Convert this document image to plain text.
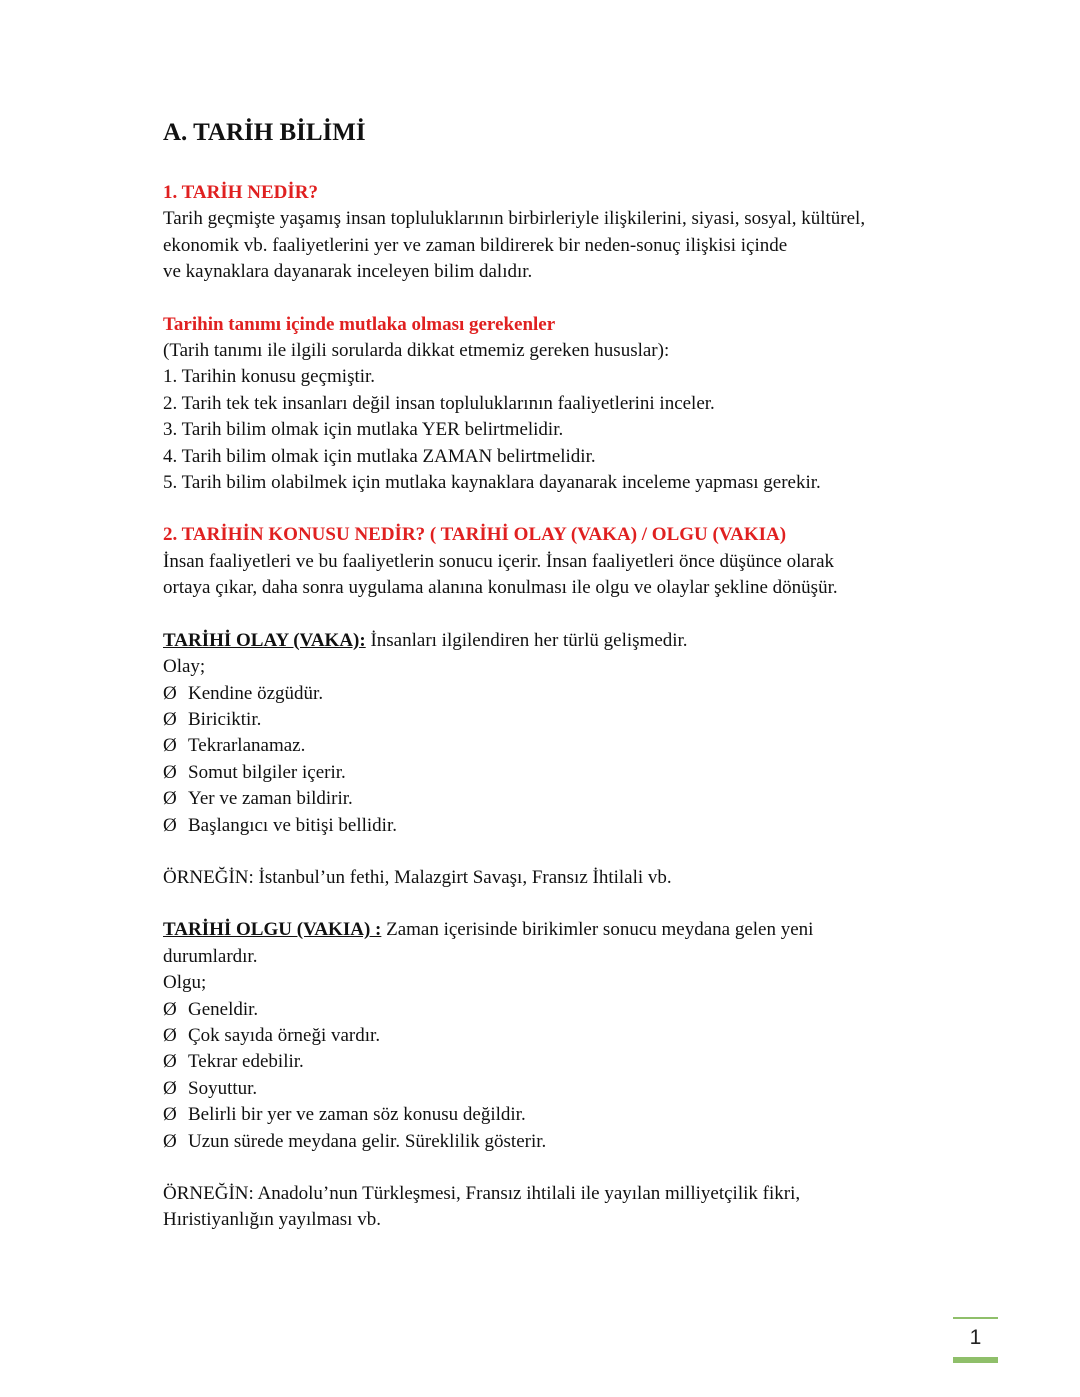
A. TARİH BİLİMİ
1. TARİH NEDİR?
Tarih geçmişte yaşamış insan topluluklarının birbirleriyle ilişkilerini, siyasi, sosyal, kültürel,
ekonomik vb. faaliyetlerini yer ve zaman bildirerek bir neden-sonuç ilişkisi içinde
ve kaynaklara dayanarak inceleyen bilim dalıdır.
Tarihin tanımı içinde mutlaka olması gerekenler
(Tarih tanımı ile ilgili sorularda dikkat etmemiz gereken hususlar):
1. Tarihin konusu geçmiştir.
2. Tarih tek tek insanları değil insan topluluklarının faaliyetlerini inceler.
3. Tarih bilim olmak için mutlaka YER belirtmelidir.
4. Tarih bilim olmak için mutlaka ZAMAN belirtmelidir.
5. Tarih bilim olabilmek için mutlaka kaynaklara dayanarak inceleme yapması gerekir.
2. TARİHİN KONUSU NEDİR? ( TARİHİ OLAY (VAKA) / OLGU (VAKIA)
İnsan faaliyetleri ve bu faaliyetlerin sonucu içerir. İnsan faaliyetleri önce düşünce olarak
ortaya çıkar, daha sonra uygulama alanına konulması ile olgu ve olaylar şekline dönüşür.
TARİHİ OLAY (VAKA): İnsanları ilgilendiren her türlü gelişmedir.
Olay;
Ø Kendine özgüdür.
Ø Biriciktir.
Ø Tekrarlanamaz.
Ø Somut bilgiler içerir.
Ø Yer ve zaman bildirir.
Ø Başlangıcı ve bitişi bellidir.
ÖRNEĞİN: İstanbul’un fethi, Malazgirt Savaşı, Fransız İhtilali vb.
TARİHİ OLGU (VAKIA) : Zaman içerisinde birikimler sonucu meydana gelen yeni
durumlardır.
Olgu;
Ø Geneldir.
Ø Çok sayıda örneği vardır.
Ø Tekrar edebilir.
Ø Soyuttur.
Ø Belirli bir yer ve zaman söz konusu değildir.
Ø Uzun sürede meydana gelir. Süreklilik gösterir.
ÖRNEĞİN: Anadolu’nun Türkleşmesi, Fransız ihtilali ile yayılan milliyetçilik fikri,
Hıristiyanlığın yayılması vb.
1
